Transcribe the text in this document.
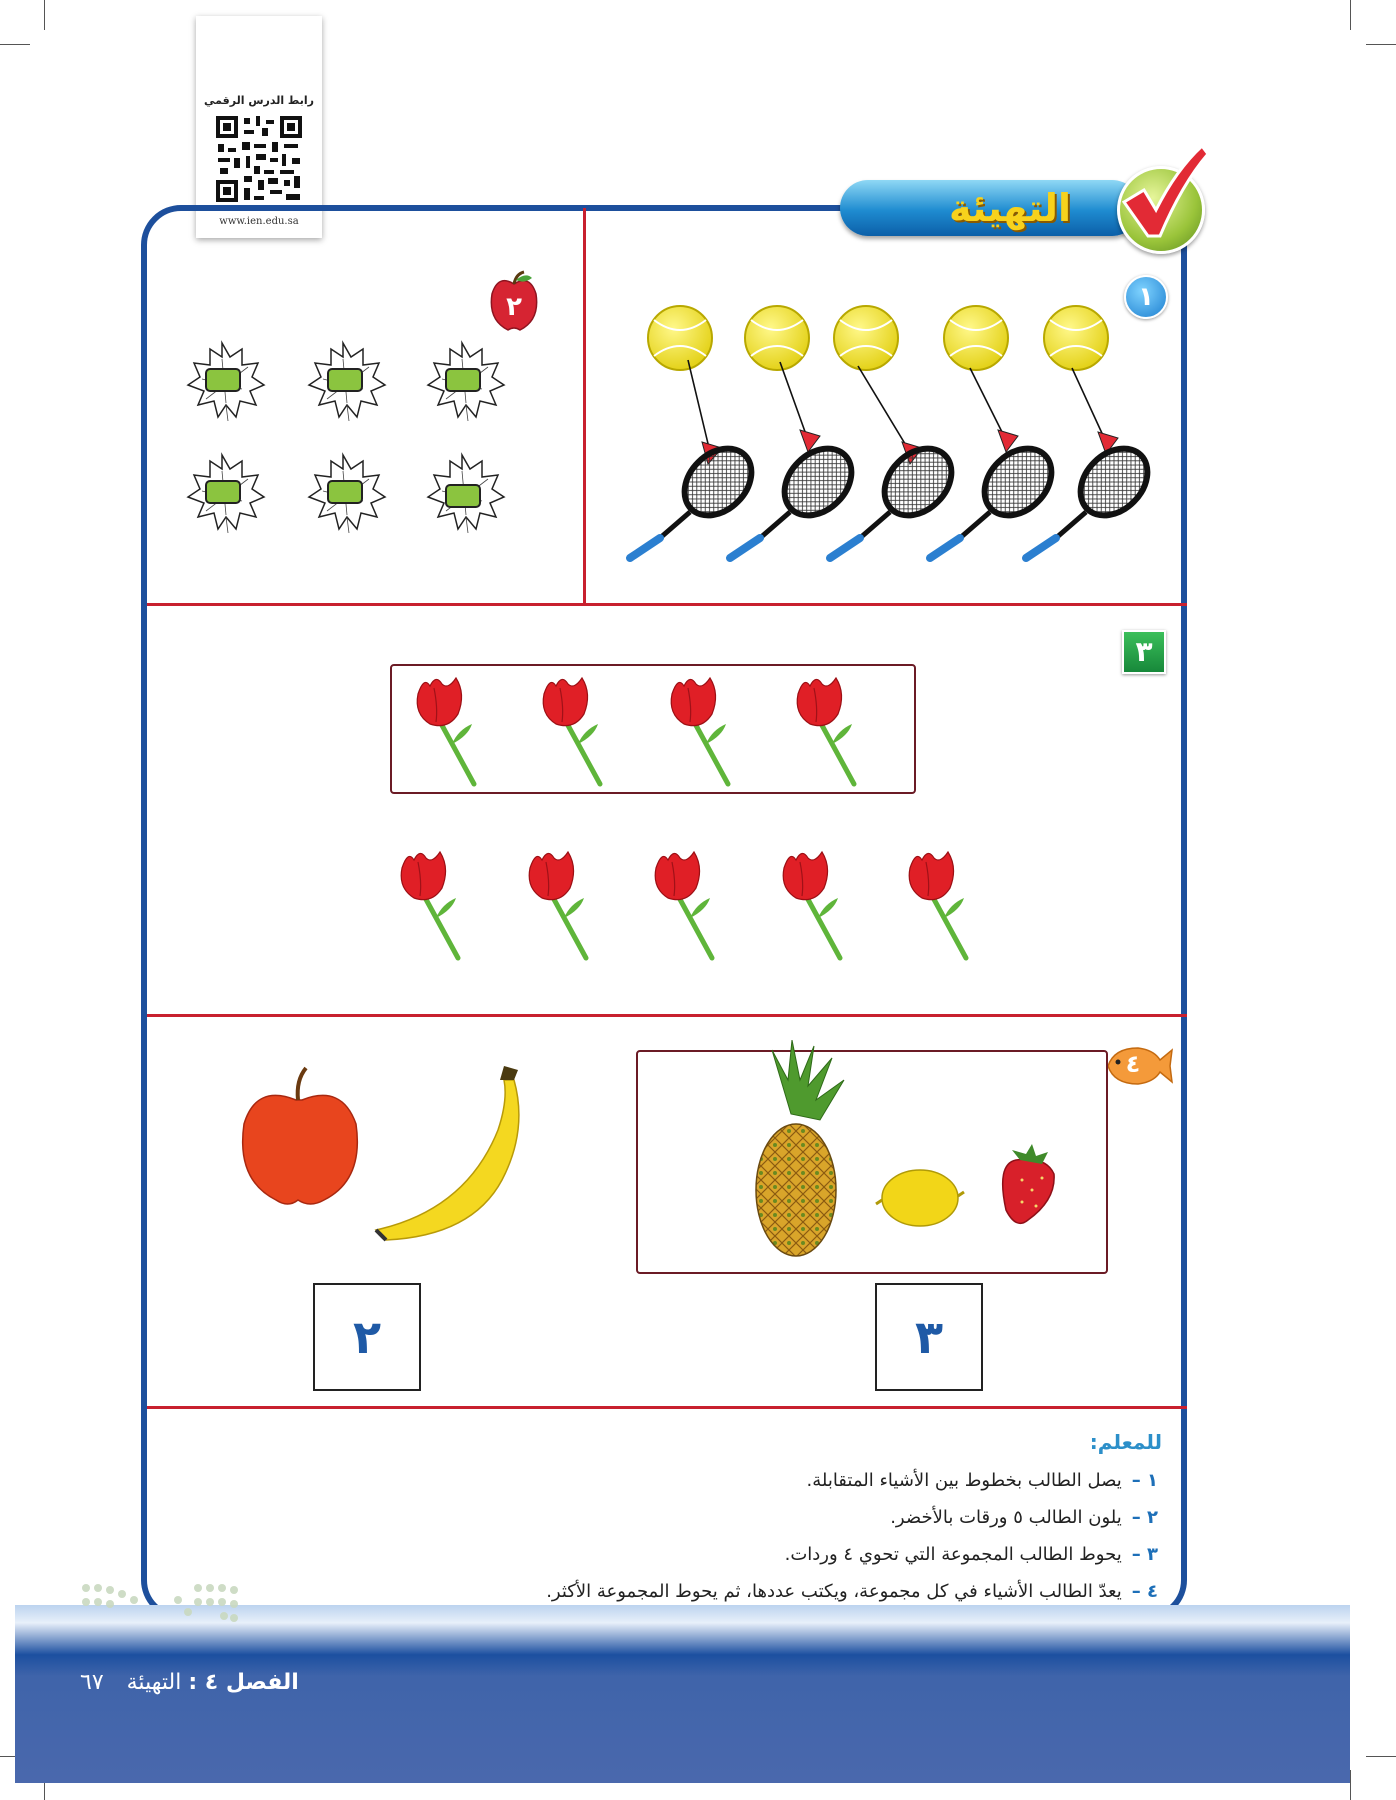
رابط الدرس الرقمي
www.ien.edu.sa	التهيئة
١
٢
٣
٤
٢	٣
للمعلم:
١ –يصل الطالب بخطوط بين الأشياء المتقابلة.
٢ –يلون الطالب ٥ ورقات بالأخضر.
٣ –يحوط الطالب المجموعة التي تحوي ٤ وردات.
٤ –يعدّ الطالب الأشياء في كل مجموعة، ويكتب عددها، ثم يحوط المجموعة الأكثر.
الفصل ٤ : التهيئة ٦٧
